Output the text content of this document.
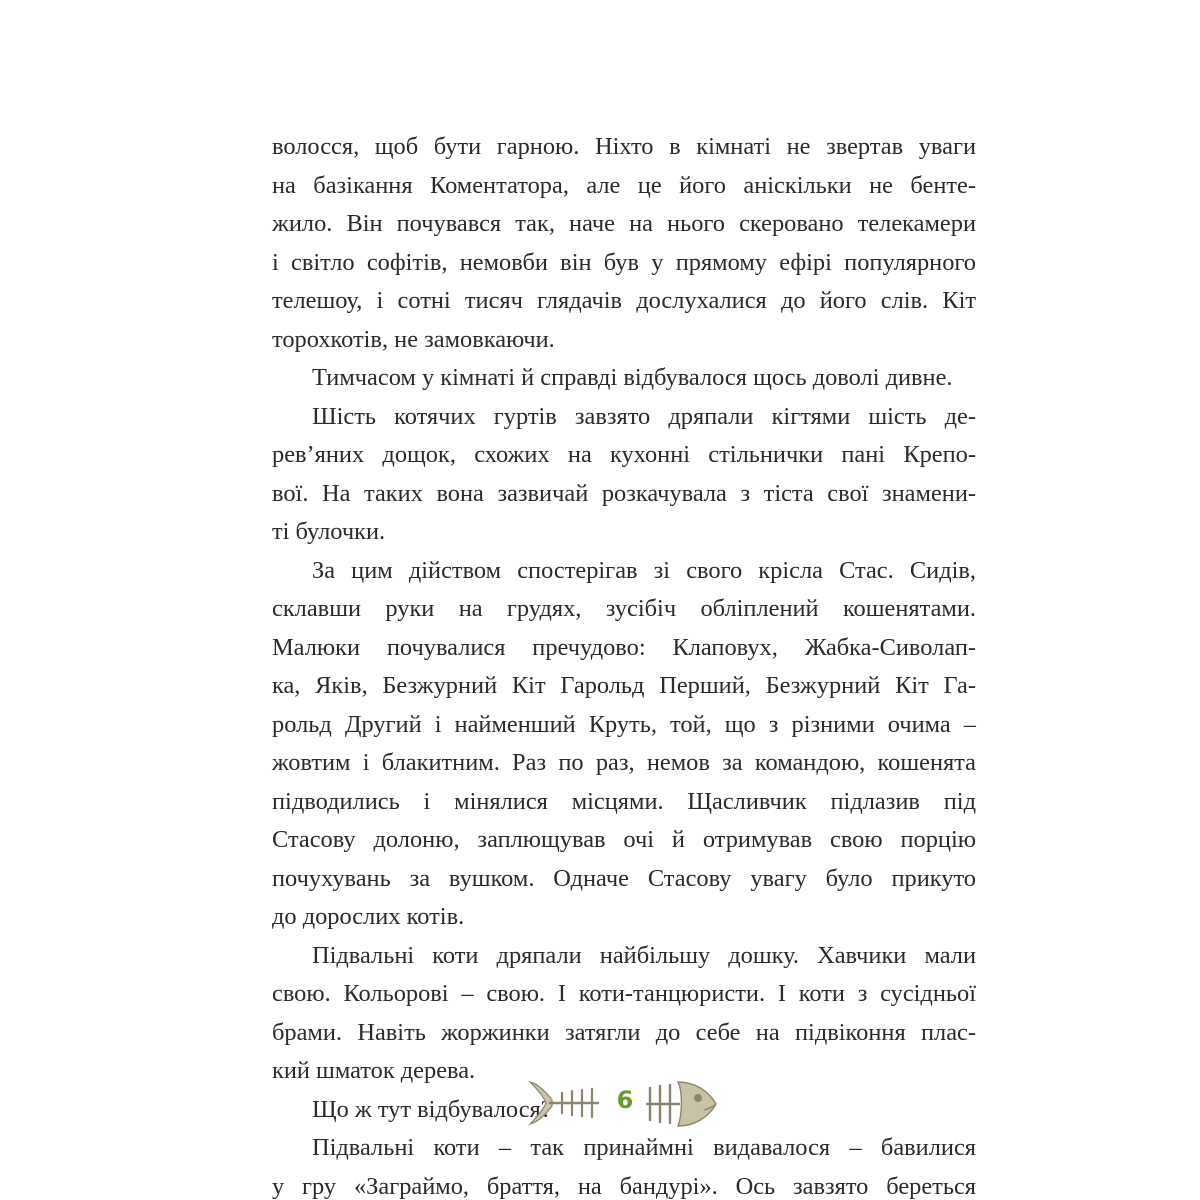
волосся, щоб бути гарною. Ніхто в кімнаті не звертав уваги
на базікання Коментатора, але це його аніскільки не бенте-
жило. Він почувався так, наче на нього скеровано телекамери
і світло софітів, немовби він був у прямому ефірі популярного
телешоу, і сотні тисяч глядачів дослухалися до його слів. Кіт
торохкотів, не замовкаючи.
Тимчасом у кімнаті й справді відбувалося щось доволі дивне.
Шість котячих гуртів завзято дряпали кігтями шість де-
рев’яних дощок, схожих на кухонні стільнички пані Крепо-
вої. На таких вона зазвичай розкачувала з тіста свої знамени-
ті булочки.
За цим дійством спостерігав зі свого крісла Стас. Сидів,
склавши руки на грудях, зусібіч обліплений кошенятами.
Малюки почувалися пречудово: Клаповух, Жабка-Сиволап-
ка, Яків, Безжурний Кіт Гарольд Перший, Безжурний Кіт Га-
рольд Другий і найменший Круть, той, що з різними очима –
жовтим і блакитним. Раз по раз, немов за командою, кошенята
підводились і мінялися місцями. Щасливчик підлазив під
Стасову долоню, заплющував очі й отримував свою порцію
почухувань за вушком. Одначе Стасову увагу було прикуто
до дорослих котів.
Підвальні коти дряпали найбільшу дошку. Хавчики мали
свою. Кольорові – свою. І коти-танцюристи. І коти з сусідньої
брами. Навіть жоржинки затягли до себе на підвіконня плас-
кий шматок дерева.
Що ж тут відбувалося?
Підвальні коти – так принаймні видавалося – бавилися
у гру «Заграймо, браття, на бандурі». Ось завзято береться
6
